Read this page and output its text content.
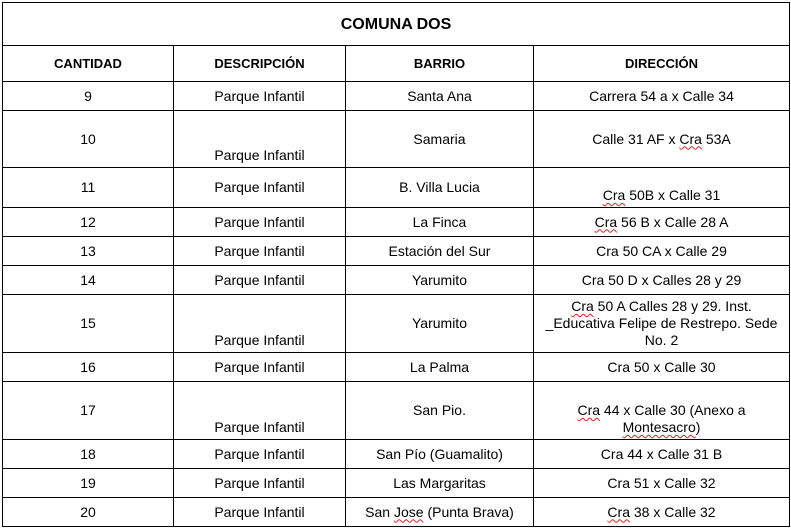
COMUNA DOS			
CANTIDAD	DESCRIPCIÓN	BARRIO	DIRECCIÓN
9	Parque Infantil	Santa Ana	Carrera 54 a x Calle 34
10	Parque Infantil	Samaria	Calle 31 AF x Cra 53A
11	Parque Infantil	B. Villa Lucia	Cra 50B x Calle 31
12	Parque Infantil	La Finca	Cra 56 B x Calle 28 A
13	Parque Infantil	Estación del Sur	Cra 50 CA x Calle 29
14	Parque Infantil	Yarumito	Cra 50 D x Calles 28 y 29
15	Parque Infantil	Yarumito	Cra 50 A Calles 28 y 29. Inst.
_Educativa Felipe de Restrepo. Sede
No. 2

16	Parque Infantil	La Palma	Cra 50 x Calle 30
17	Parque Infantil	San Pio.	Cra 44 x Calle 30 (Anexo a
Montesacro)

18	Parque Infantil	San Pío (Guamalito)	Cra 44 x Calle 31 B
19	Parque Infantil	Las Margaritas	Cra 51 x Calle 32
20	Parque Infantil	San Jose (Punta Brava)	Cra 38 x Calle 32
